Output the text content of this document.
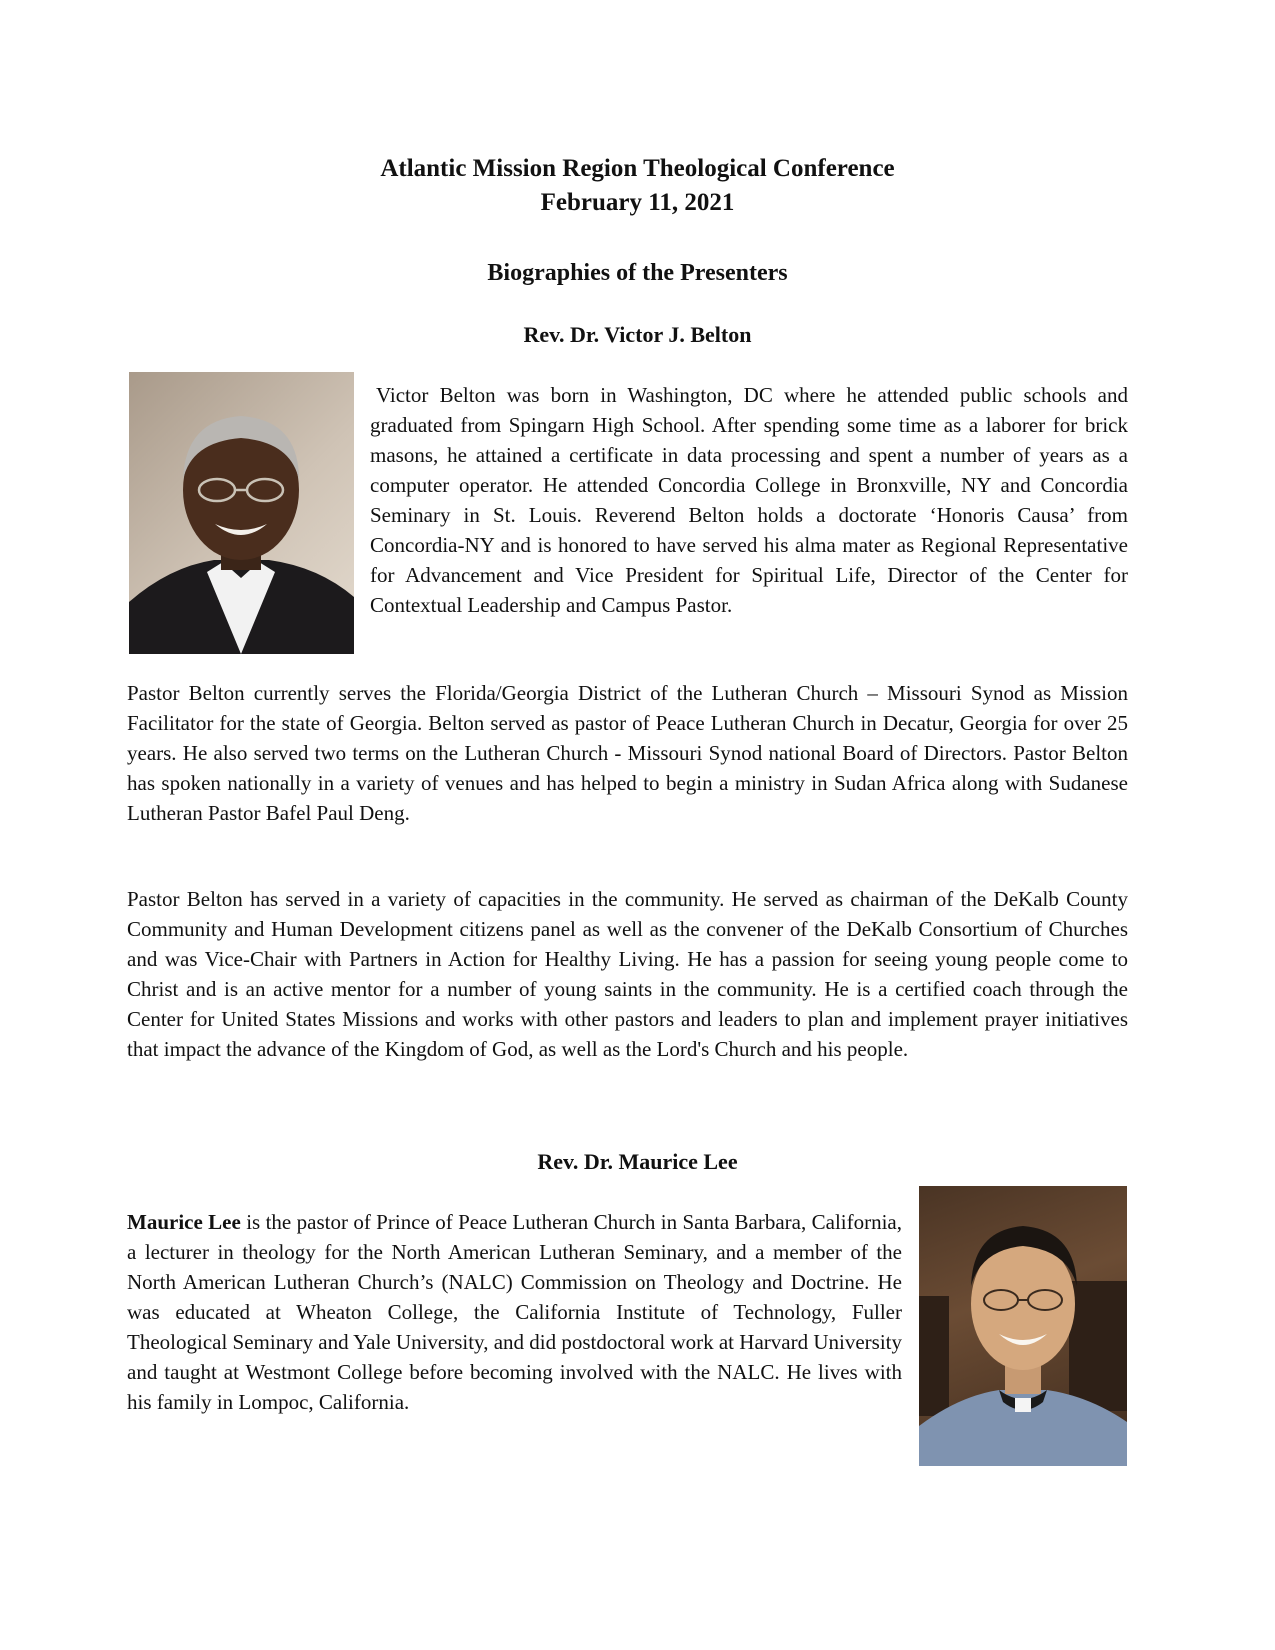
Atlantic Mission Region Theological Conference
February 11, 2021
Biographies of the Presenters
Rev. Dr. Victor J. Belton

Victor Belton was born in Washington, DC where he attended public schools and graduated from Spingarn High School. After spending some time as a laborer for brick masons, he attained a certificate in data processing and spent a number of years as a computer operator. He attended Concordia College in Bronxville, NY and Concordia Seminary in St. Louis. Reverend Belton holds a doctorate ‘Honoris Causa’ from Concordia-NY and is honored to have served his alma mater as Regional Representative for Advancement and Vice President for Spiritual Life, Director of the Center for Contextual Leadership and Campus Pastor.

Pastor Belton currently serves the Florida/Georgia District of the Lutheran Church – Missouri Synod as Mission Facilitator for the state of Georgia. Belton served as pastor of Peace Lutheran Church in Decatur, Georgia for over 25 years. He also served two terms on the Lutheran Church - Missouri Synod national Board of Directors. Pastor Belton has spoken nationally in a variety of venues and has helped to begin a ministry in Sudan Africa along with Sudanese Lutheran Pastor Bafel Paul Deng.

Pastor Belton has served in a variety of capacities in the community. He served as chairman of the DeKalb County Community and Human Development citizens panel as well as the convener of the DeKalb Consortium of Churches and was Vice-Chair with Partners in Action for Healthy Living. He has a passion for seeing young people come to Christ and is an active mentor for a number of young saints in the community. He is a certified coach through the Center for United States Missions and works with other pastors and leaders to plan and implement prayer initiatives that impact the advance of the Kingdom of God, as well as the Lord's Church and his people.

Rev. Dr. Maurice Lee

Maurice Lee is the pastor of Prince of Peace Lutheran Church in Santa Barbara, California, a lecturer in theology for the North American Lutheran Seminary, and a member of the North American Lutheran Church’s (NALC) Commission on Theology and Doctrine. He was educated at Wheaton College, the California Institute of Technology, Fuller Theological Seminary and Yale University, and did postdoctoral work at Harvard University and taught at Westmont College before becoming involved with the NALC. He lives with his family in Lompoc, California.
